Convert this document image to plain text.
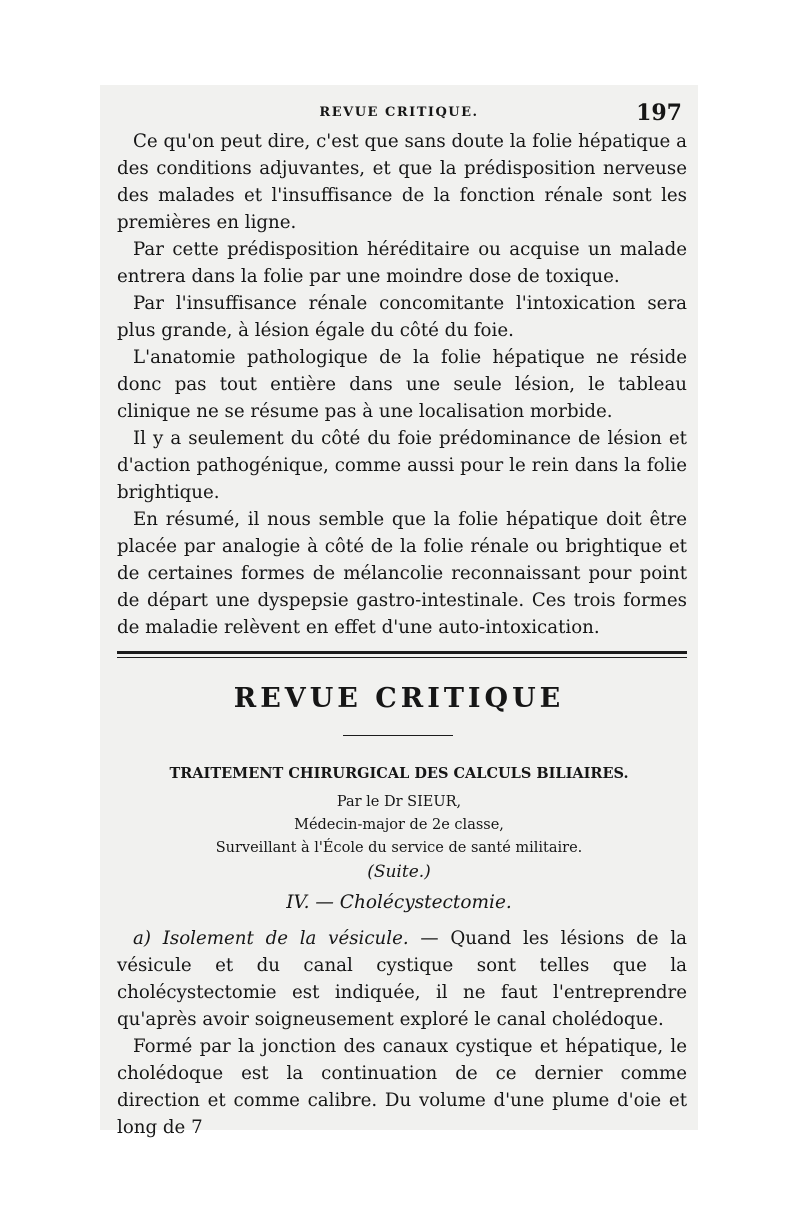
REVUE CRITIQUE.	197

Ce qu'on peut dire, c'est que sans doute la folie hépatique a des conditions adjuvantes, et que la prédisposition nerveuse des malades et l'insuffisance de la fonction rénale sont les premières en ligne.

Par cette prédisposition héréditaire ou acquise un malade entrera dans la folie par une moindre dose de toxique.

Par l'insuffisance rénale concomitante l'intoxication sera plus grande, à lésion égale du côté du foie.

L'anatomie pathologique de la folie hépatique ne réside donc pas tout entière dans une seule lésion, le tableau clinique ne se résume pas à une localisation morbide.

Il y a seulement du côté du foie prédominance de lésion et d'action pathogénique, comme aussi pour le rein dans la folie brightique.

En résumé, il nous semble que la folie hépatique doit être placée par analogie à côté de la folie rénale ou brightique et de certaines formes de mélancolie reconnaissant pour point de départ une dyspepsie gastro-intestinale. Ces trois formes de maladie relèvent en effet d'une auto-intoxication.

REVUE CRITIQUE
TRAITEMENT CHIRURGICAL DES CALCULS BILIAIRES.
Par le Dr SIEUR,
Médecin-major de 2e classe,
Surveillant à l'École du service de santé militaire.
(Suite.)
IV. — Cholécystectomie.

a) Isolement de la vésicule. — Quand les lésions de la vésicule et du canal cystique sont telles que la cholécystectomie est indiquée, il ne faut l'entreprendre qu'après avoir soigneusement exploré le canal cholédoque.

Formé par la jonction des canaux cystique et hépatique, le cholédoque est la continuation de ce dernier comme direction et comme calibre. Du volume d'une plume d'oie et long de 7
